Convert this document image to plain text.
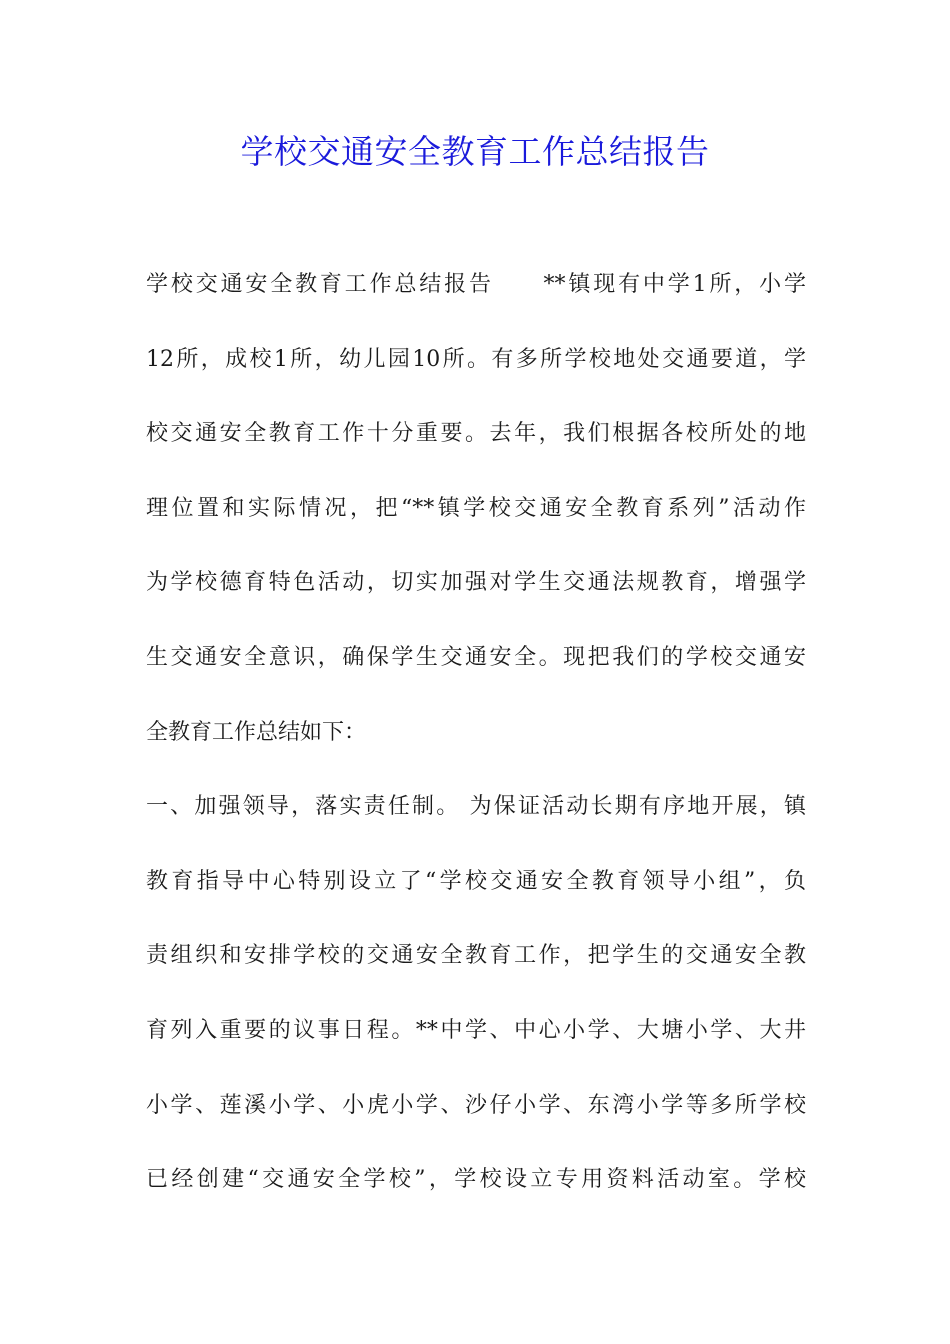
学校交通安全教育工作总结报告
学校交通安全教育工作总结报告　　**镇现有中学1所，小学
12所，成校1所，幼儿园10所。有多所学校地处交通要道，学
校交通安全教育工作十分重要。去年，我们根据各校所处的地
理位置和实际情况，把“**镇学校交通安全教育系列”活动作
为学校德育特色活动，切实加强对学生交通法规教育，增强学
生交通安全意识，确保学生交通安全。现把我们的学校交通安
全教育工作总结如下：
一、加强领导，落实责任制。 为保证活动长期有序地开展，镇
教育指导中心特别设立了“学校交通安全教育领导小组”，负
责组织和安排学校的交通安全教育工作，把学生的交通安全教
育列入重要的议事日程。**中学、中心小学、大塘小学、大井
小学、莲溪小学、小虎小学、沙仔小学、东湾小学等多所学校
已经创建“交通安全学校”，学校设立专用资料活动室。学校
